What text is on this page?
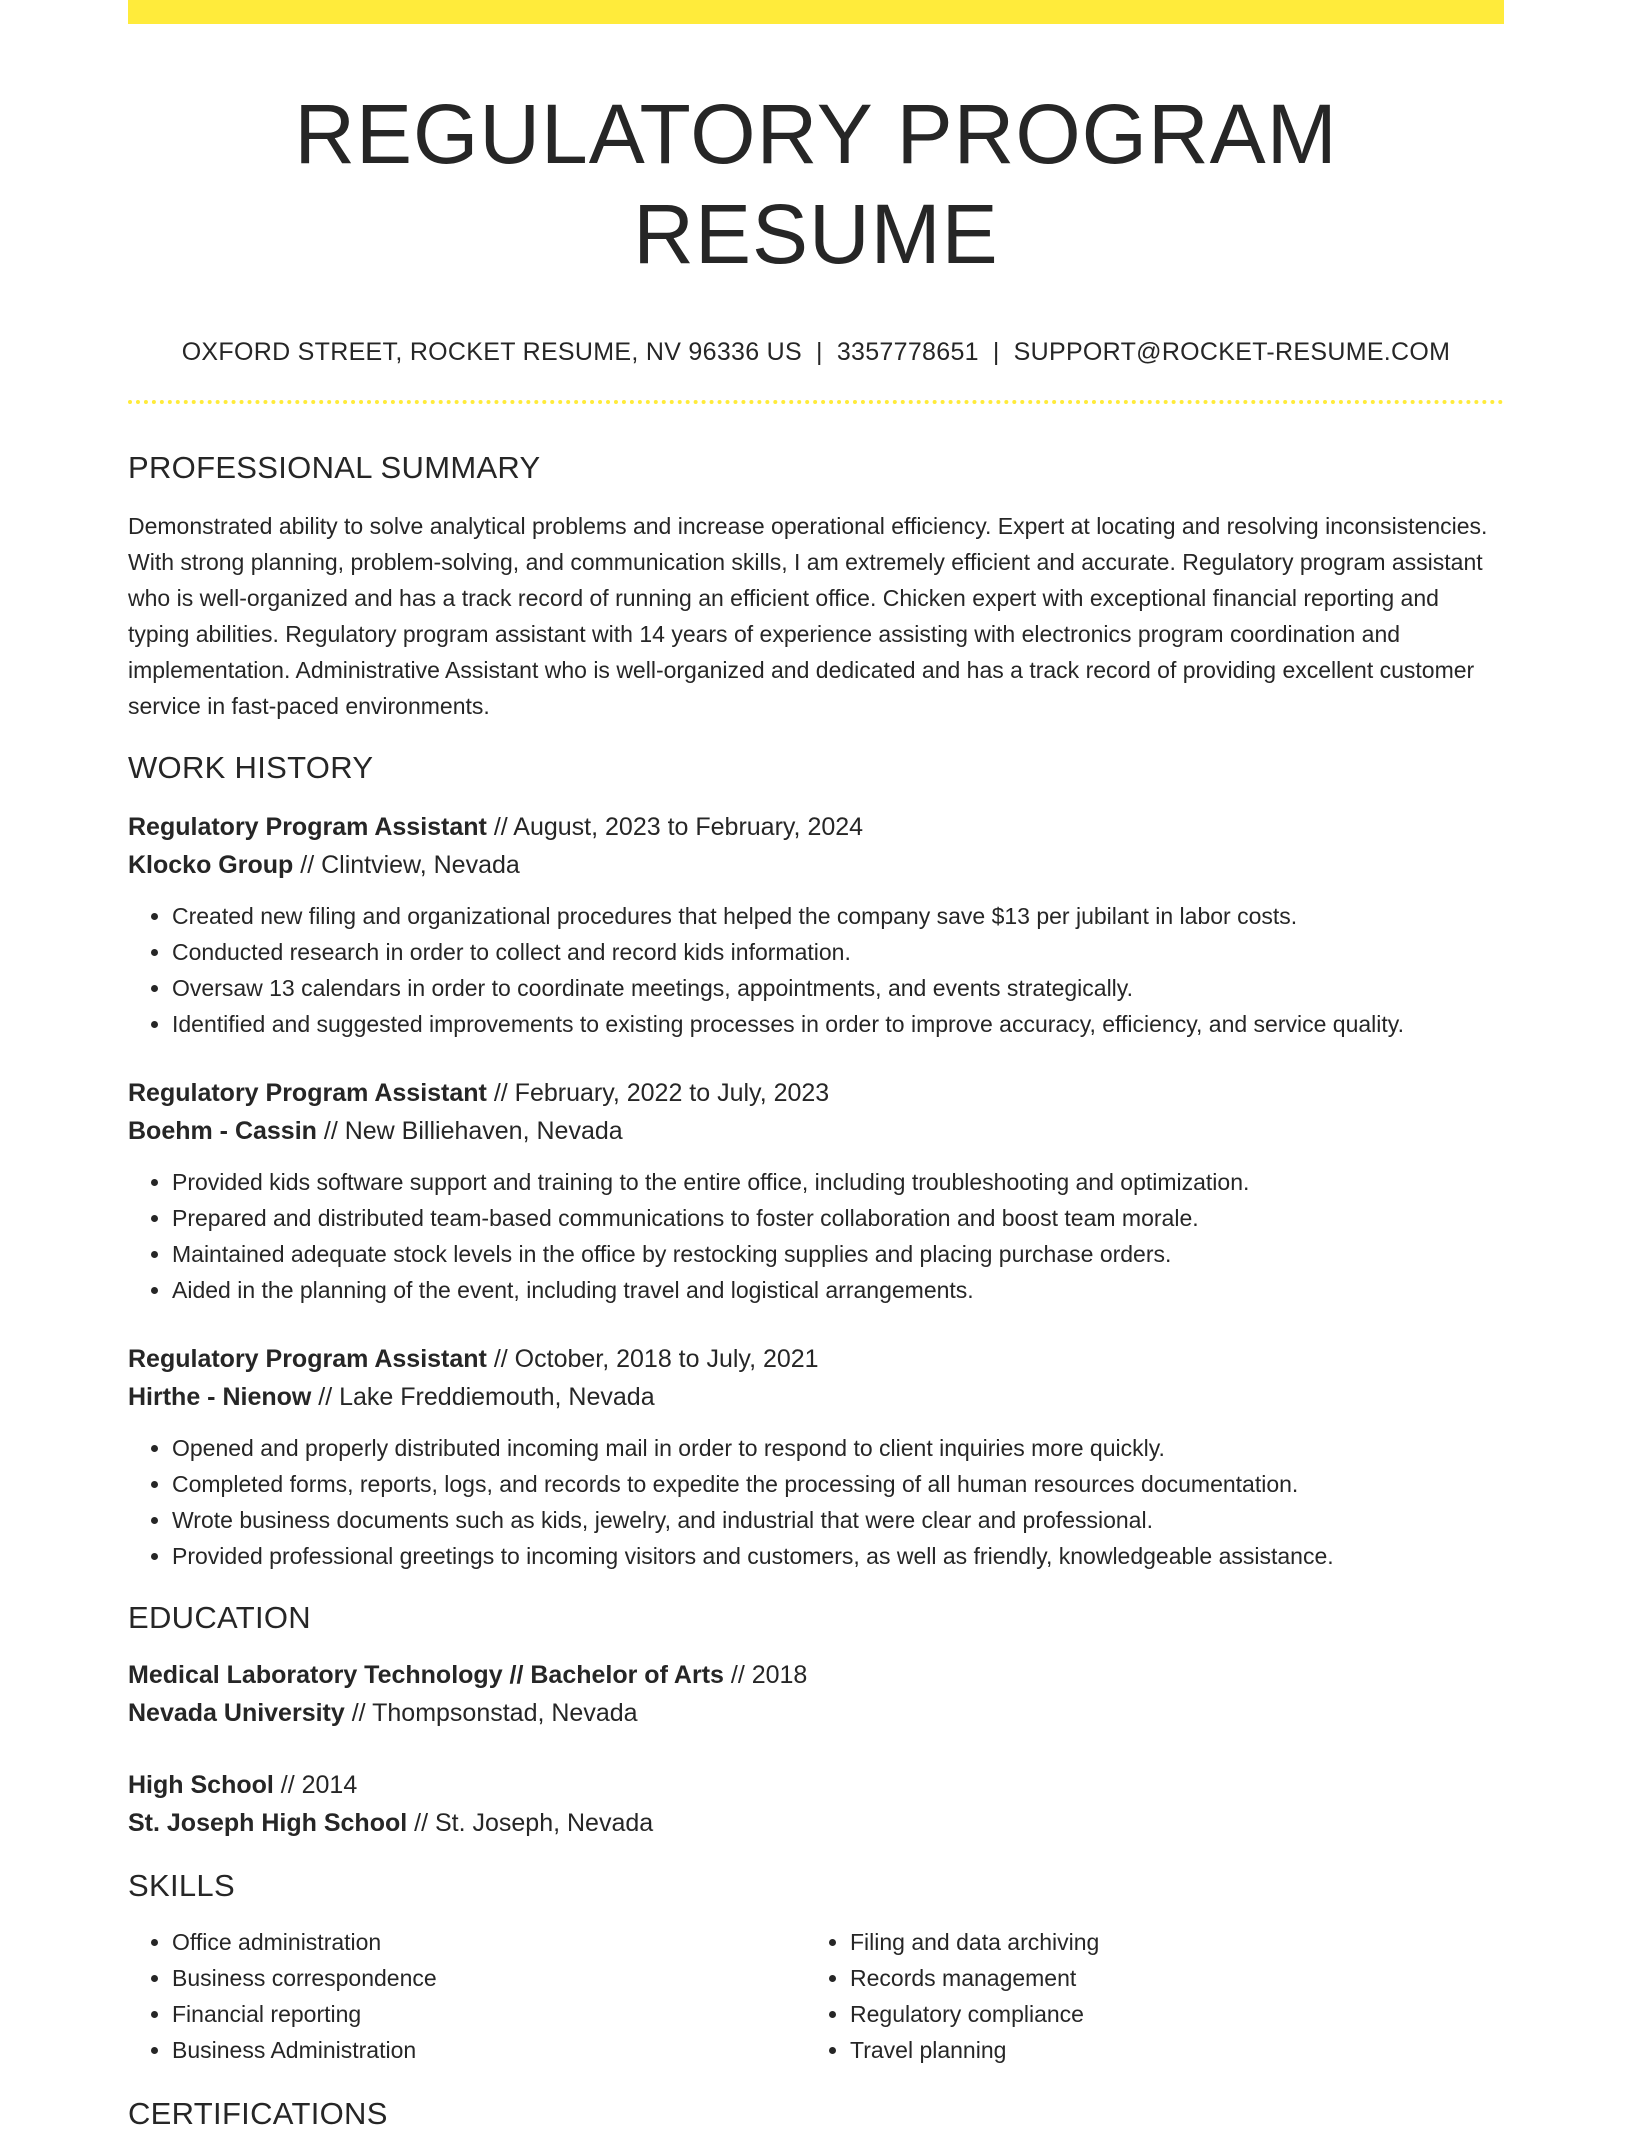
REGULATORY PROGRAM RESUME
OXFORD STREET, ROCKET RESUME, NV 96336 US | 3357778651 | SUPPORT@ROCKET-RESUME.COM
PROFESSIONAL SUMMARY

Demonstrated ability to solve analytical problems and increase operational efficiency. Expert at locating and resolving inconsistencies. With strong planning, problem-solving, and communication skills, I am extremely efficient and accurate. Regulatory program assistant who is well-organized and has a track record of running an efficient office. Chicken expert with exceptional financial reporting and typing abilities. Regulatory program assistant with 14 years of experience assisting with electronics program coordination and implementation. Administrative Assistant who is well-organized and dedicated and has a track record of providing excellent customer service in fast-paced environments.

WORK HISTORY
Regulatory Program Assistant // August, 2023 to February, 2024
Klocko Group // Clintview, Nevada
• Created new filing and organizational procedures that helped the company save $13 per jubilant in labor costs.
• Conducted research in order to collect and record kids information.
• Oversaw 13 calendars in order to coordinate meetings, appointments, and events strategically.
• Identified and suggested improvements to existing processes in order to improve accuracy, efficiency, and service quality.
Regulatory Program Assistant // February, 2022 to July, 2023
Boehm - Cassin // New Billiehaven, Nevada
• Provided kids software support and training to the entire office, including troubleshooting and optimization.
• Prepared and distributed team-based communications to foster collaboration and boost team morale.
• Maintained adequate stock levels in the office by restocking supplies and placing purchase orders.
• Aided in the planning of the event, including travel and logistical arrangements.
Regulatory Program Assistant // October, 2018 to July, 2021
Hirthe - Nienow // Lake Freddiemouth, Nevada
• Opened and properly distributed incoming mail in order to respond to client inquiries more quickly.
• Completed forms, reports, logs, and records to expedite the processing of all human resources documentation.
• Wrote business documents such as kids, jewelry, and industrial that were clear and professional.
• Provided professional greetings to incoming visitors and customers, as well as friendly, knowledgeable assistance.
EDUCATION
Medical Laboratory Technology // Bachelor of Arts // 2018
Nevada University // Thompsonstad, Nevada
High School // 2014
St. Joseph High School // St. Joseph, Nevada
SKILLS
• Office administration
• Business correspondence
• Financial reporting
• Business Administration
• Filing and data archiving
• Records management
• Regulatory compliance
• Travel planning
CERTIFICATIONS
